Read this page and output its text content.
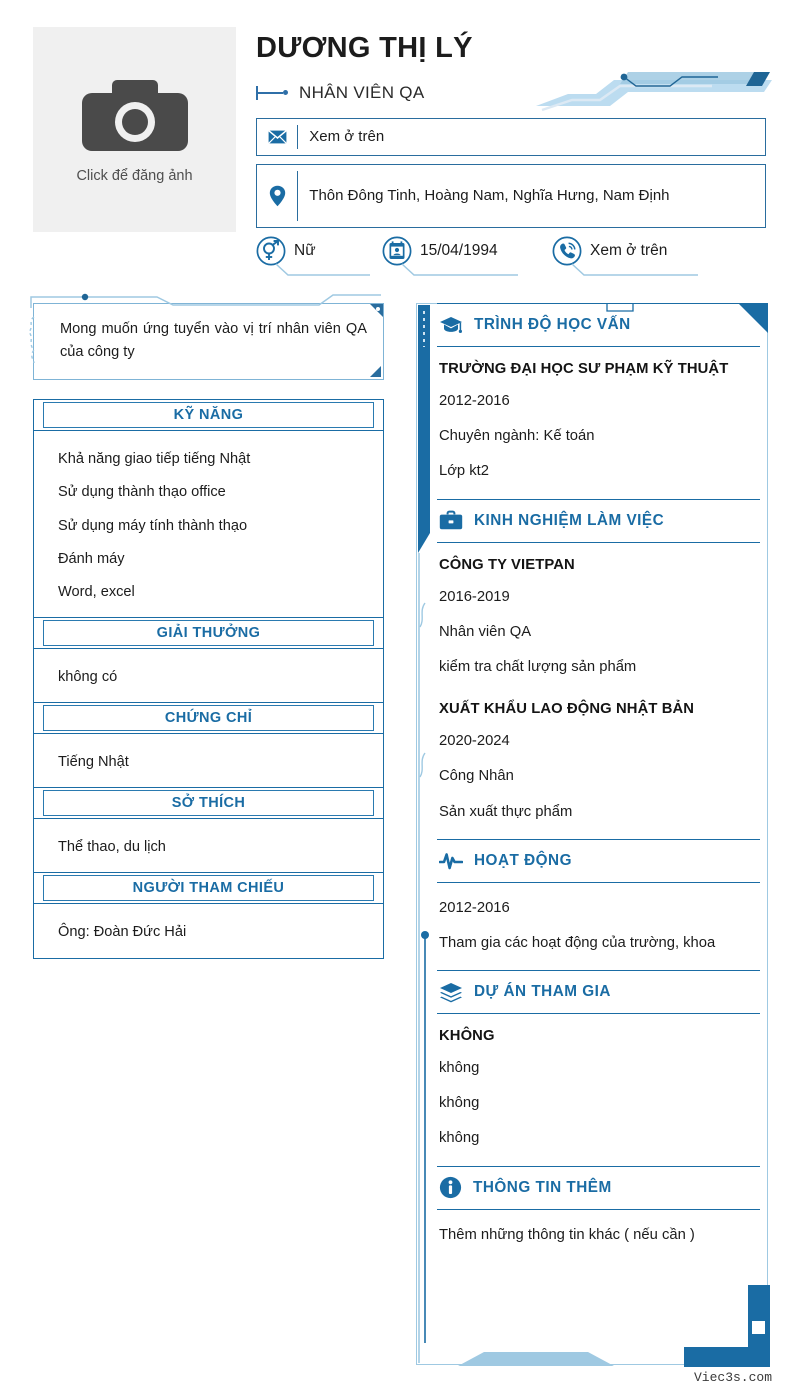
Click để đăng ảnh
DƯƠNG THỊ LÝ
NHÂN VIÊN QA
Xem ở trên
Thôn Đông Tinh, Hoàng Nam, Nghĩa Hưng, Nam Định
Nữ	15/04/1994	Xem ở trên
Mong muốn ứng tuyển vào vị trí nhân viên QA của công ty
KỸ NĂNG
Khả năng giao tiếp tiếng Nhật
Sử dụng thành thạo office
Sử dụng máy tính thành thạo
Đánh máy
Word, excel
GIẢI THƯỞNG
không có
CHỨNG CHỈ
Tiếng Nhật
SỞ THÍCH
Thể thao, du lịch
NGƯỜI THAM CHIẾU
Ông: Đoàn Đức Hải
TRÌNH ĐỘ HỌC VẤN
TRƯỜNG ĐẠI HỌC SƯ PHẠM KỸ THUẬT
2012-2016
Chuyên ngành: Kế toán
Lớp kt2
KINH NGHIỆM LÀM VIỆC
CÔNG TY VIETPAN
2016-2019
Nhân viên QA
kiểm tra chất lượng sản phẩm
XUẤT KHẨU LAO ĐỘNG NHẬT BẢN
2020-2024
Công Nhân
Sản xuất thực phẩm
HOẠT ĐỘNG
2012-2016
Tham gia các hoạt động của trường, khoa
DỰ ÁN THAM GIA
KHÔNG
không
không
không
THÔNG TIN THÊM
Thêm những thông tin khác ( nếu cần )
Viec3s.com
